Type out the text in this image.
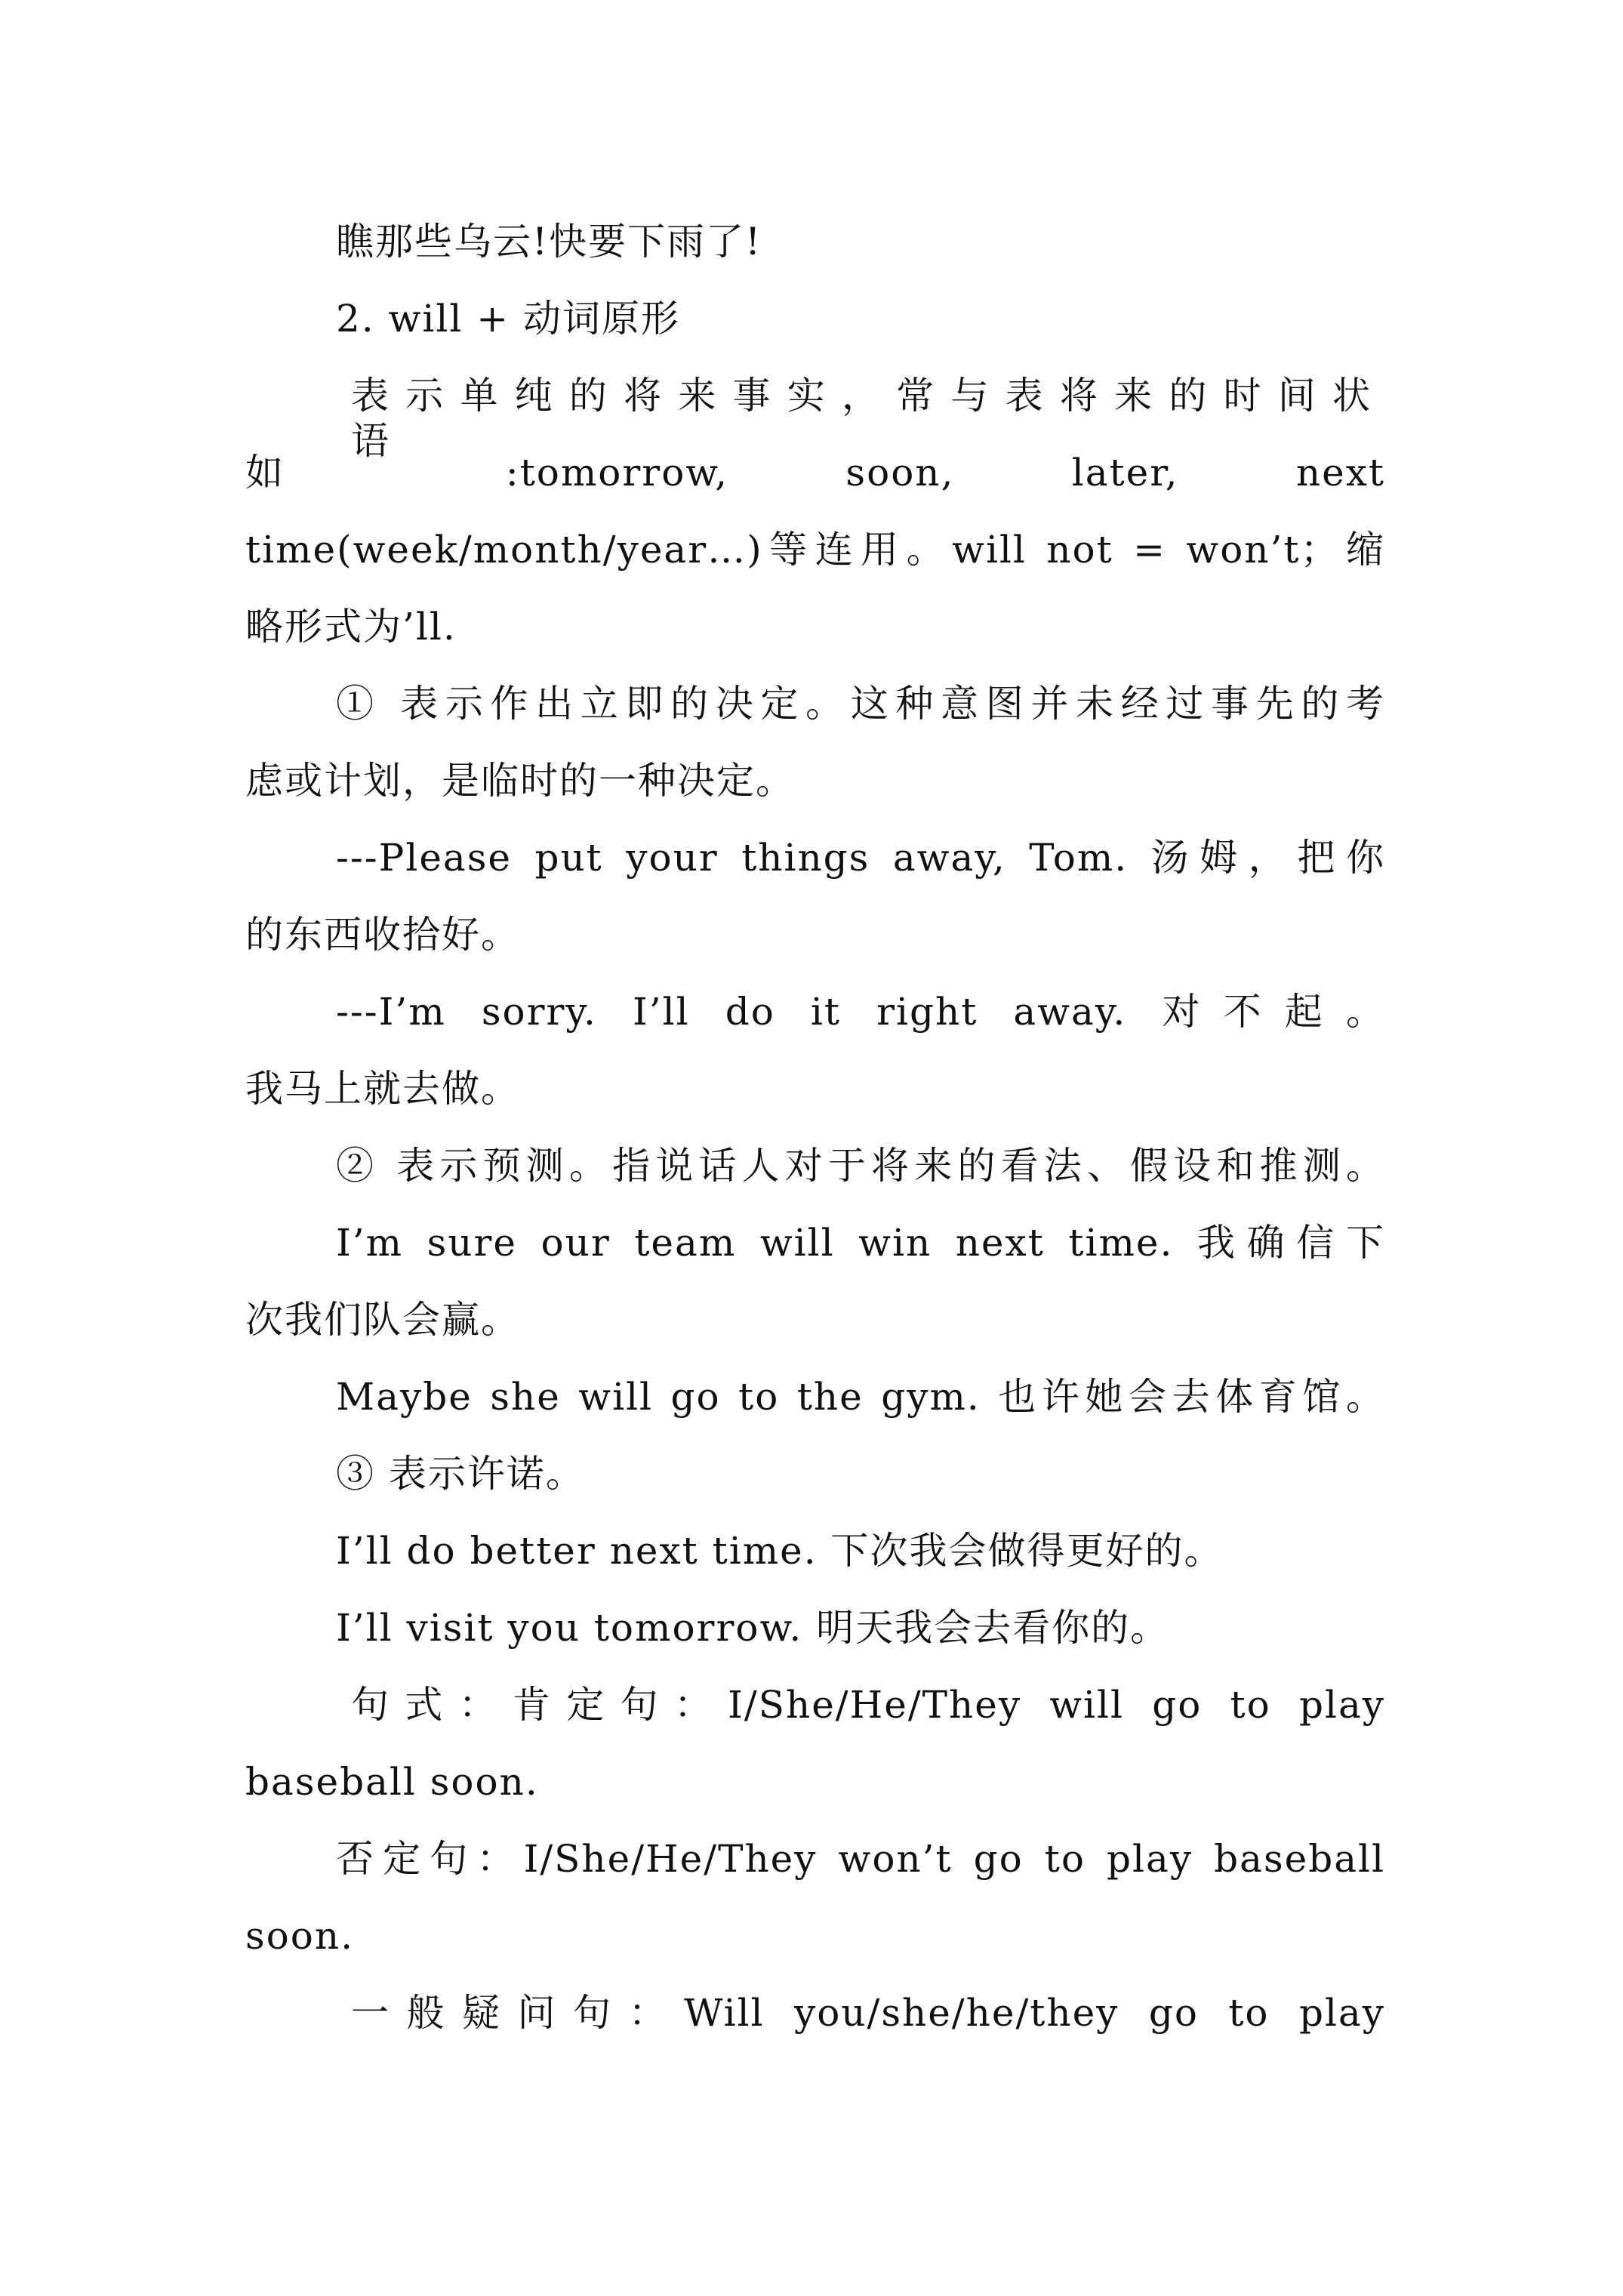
瞧那些乌云!快要下雨了!
2. will + 动词原形
表示单纯的将来事实，常与表将来的时间状语
如 :tomorrow, soon, later, next
time(week/month/year…)等连用。will not = won’t；缩
略形式为’ll.
① 表示作出立即的决定。这种意图并未经过事先的考
虑或计划，是临时的一种决定。
---Please put your things away, Tom. 汤姆，把你
的东西收拾好。
---I’m sorry. I’ll do it right away. 对不起。
我马上就去做。
② 表示预测。指说话人对于将来的看法、假设和推测。
I’m sure our team will win next time. 我确信下
次我们队会赢。
Maybe she will go to the gym. 也许她会去体育馆。
③ 表示许诺。
I’ll do better next time. 下次我会做得更好的。
I’ll visit you tomorrow. 明天我会去看你的。
句式：肯定句：I/She/He/They will go to play
baseball soon.
否定句：I/She/He/They won’t go to play baseball
soon.
一般疑问句：Will you/she/he/they go to play
